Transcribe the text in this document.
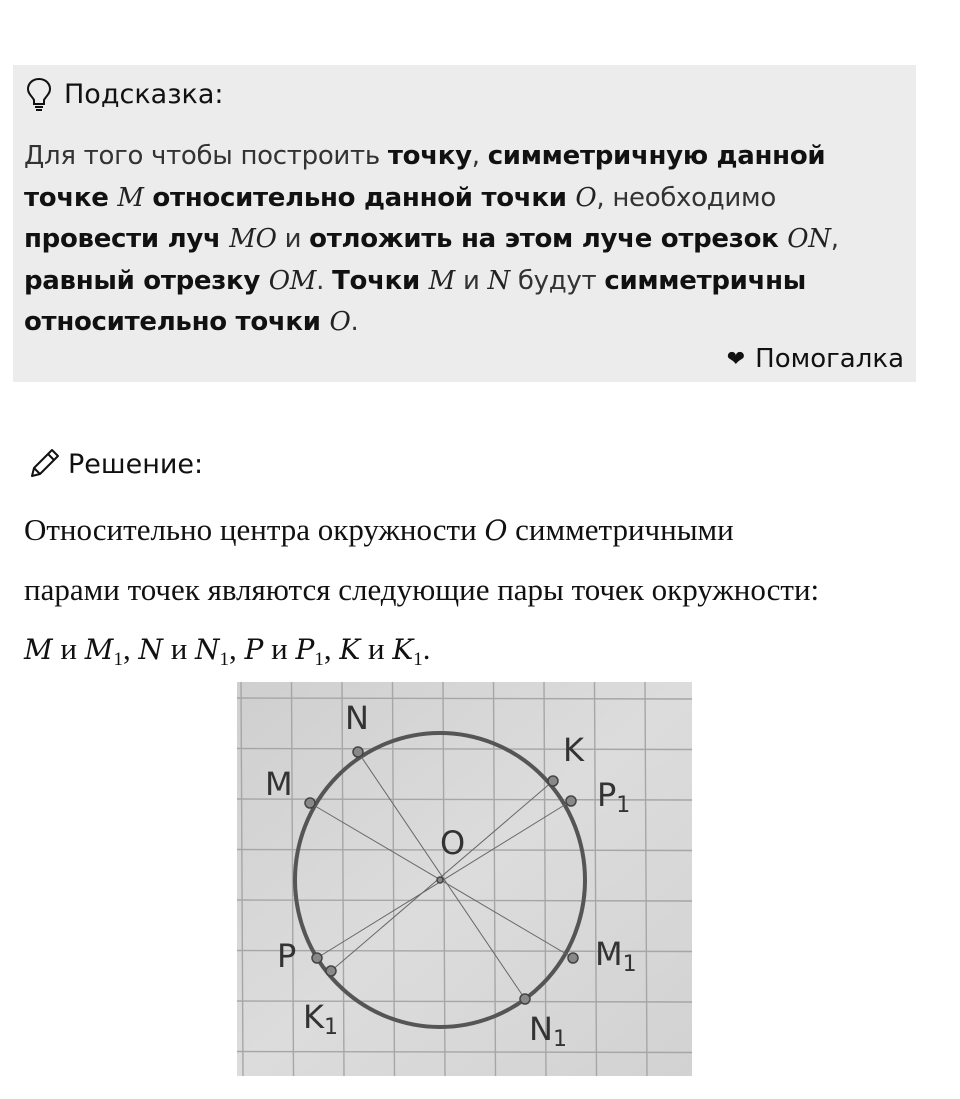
Подсказка:
Для того чтобы построить точку, симметричную данной точке M относительно данной точки O, необходимо провести луч MO и отложить на этом луче отрезок ON, равный отрезку OM. Точки M и N будут симметричны относительно точки O.
❤ Помогалка
Решение:
Относительно центра окружности O симметричными
парами точек являются следующие пары точек окружности:
M и $M_1$, N и $N_1$, P и $P_1$, K и $K_1$.
N
M
K
P1
O
P
K1
M1
N1
